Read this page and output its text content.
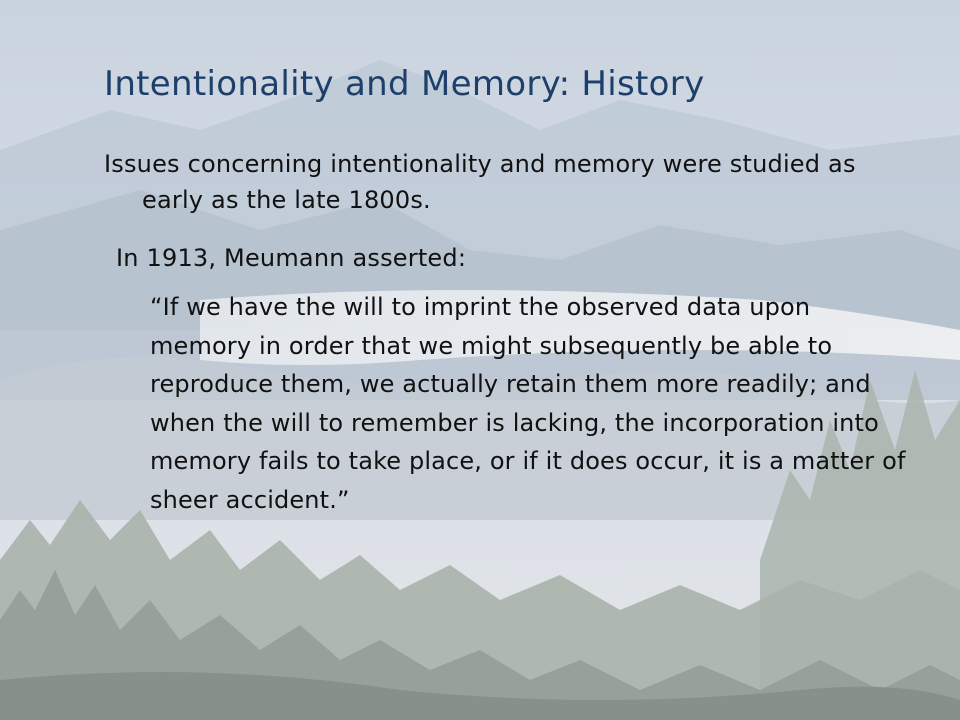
Intentionality and Memory: History
Issues concerning intentionality and memory were studied as early as the late 1800s.
In 1913, Meumann asserted:
“If we have the will to imprint the observed data upon memory in order that we might subsequently be able to reproduce them, we actually retain them more readily; and when the will to remember is lacking, the incorporation into memory fails to take place, or if it does occur, it is a matter of sheer accident.”
